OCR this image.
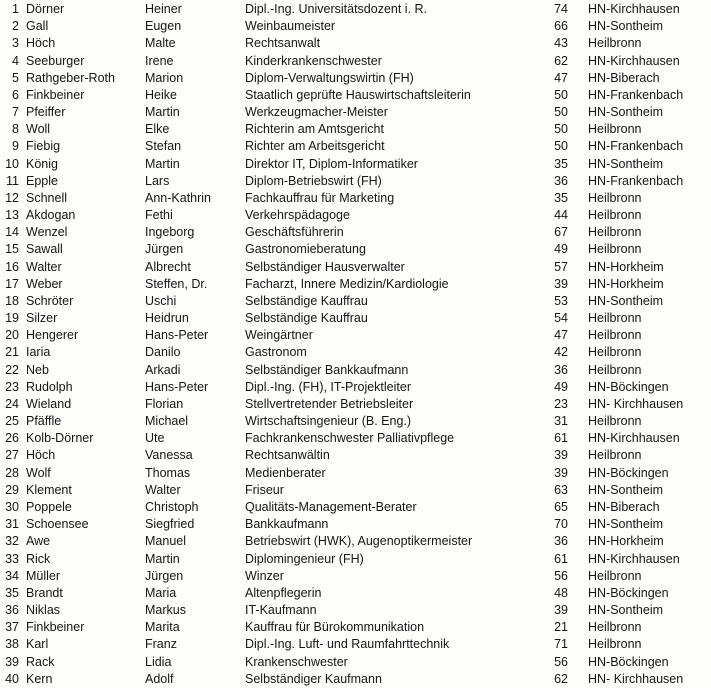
1 Dörner	Heiner	Dipl.-Ing. Universitätsdozent i. R.	74 HN-Kirchhausen
2 Gall	Eugen	Weinbaumeister	66 HN-Sontheim
3 Höch	Malte	Rechtsanwalt	43 Heilbronn
4 Seeburger	Irene	Kinderkrankenschwester	62 HN-Kirchhausen
5 Rathgeber-Roth Marion	Diplom-Verwaltungswirtin (FH)	47 HN-Biberach
6 Finkbeiner	Heike	Staatlich geprüfte Hauswirtschaftsleiterin	50 HN-Frankenbach
7 Pfeiffer	Martin	Werkzeugmacher-Meister	50 HN-Sontheim
8 Woll	Elke	Richterin am Amtsgericht	50 Heilbronn
9 Fiebig	Stefan	Richter am Arbeitsgericht	50 HN-Frankenbach
10 König	Martin	Direktor IT, Diplom-Informatiker	35 HN-Sontheim
11 Epple	Lars	Diplom-Betriebswirt (FH)	36 HN-Frankenbach
12 Schnell	Ann-Kathrin	Fachkauffrau für Marketing	35 Heilbronn
13 Akdogan	Fethi	Verkehrspädagoge	44 Heilbronn
14 Wenzel	Ingeborg	Geschäftsführerin	67 Heilbronn
15 Sawall	Jürgen	Gastronomieberatung	49 Heilbronn
16 Walter	Albrecht	Selbständiger Hausverwalter	57 HN-Horkheim
17 Weber	Steffen, Dr.	Facharzt, Innere Medizin/Kardiologie	39 HN-Horkheim
18 Schröter	Uschi	Selbständige Kauffrau	53 HN-Sontheim
19 Silzer	Heidrun	Selbständige Kauffrau	54 Heilbronn
20 Hengerer	Hans-Peter	Weingärtner	47 Heilbronn
21 Iaria	Danilo	Gastronom	42 Heilbronn
22 Neb	Arkadi	Selbständiger Bankkaufmann	36 Heilbronn
23 Rudolph	Hans-Peter	Dipl.-Ing. (FH), IT-Projektleiter	49 HN-Böckingen
24 Wieland	Florian	Stellvertretender Betriebsleiter	23 HN- Kirchhausen
25 Pfäffle	Michael	Wirtschaftsingenieur (B. Eng.)	31 Heilbronn
26 Kolb-Dörner	Ute	Fachkrankenschwester Palliativpflege	61 HN-Kirchhausen
27 Höch	Vanessa	Rechtsanwältin	39 Heilbronn
28 Wolf	Thomas	Medienberater	39 HN-Böckingen
29 Klement	Walter	Friseur	63 HN-Sontheim
30 Poppele	Christoph	Qualitäts-Management-Berater	65 HN-Biberach
31 Schoensee	Siegfried	Bankkaufmann	70 HN-Sontheim
32 Awe	Manuel	Betriebswirt (HWK), Augenoptikermeister	36 HN-Horkheim
33 Rick	Martin	Diplomingenieur (FH)	61 HN-Kirchhausen
34 Müller	Jürgen	Winzer	56 Heilbronn
35 Brandt	Maria	Altenpflegerin	48 HN-Böckingen
36 Niklas	Markus	IT-Kaufmann	39 HN-Sontheim
37 Finkbeiner	Marita	Kauffrau für Bürokommunikation	21 Heilbronn
38 Karl	Franz	Dipl.-Ing. Luft- und Raumfahrttechnik	71 Heilbronn
39 Rack	Lidia	Krankenschwester	56 HN-Böckingen
40 Kern	Adolf	Selbständiger Kaufmann	62 HN- Kirchhausen
